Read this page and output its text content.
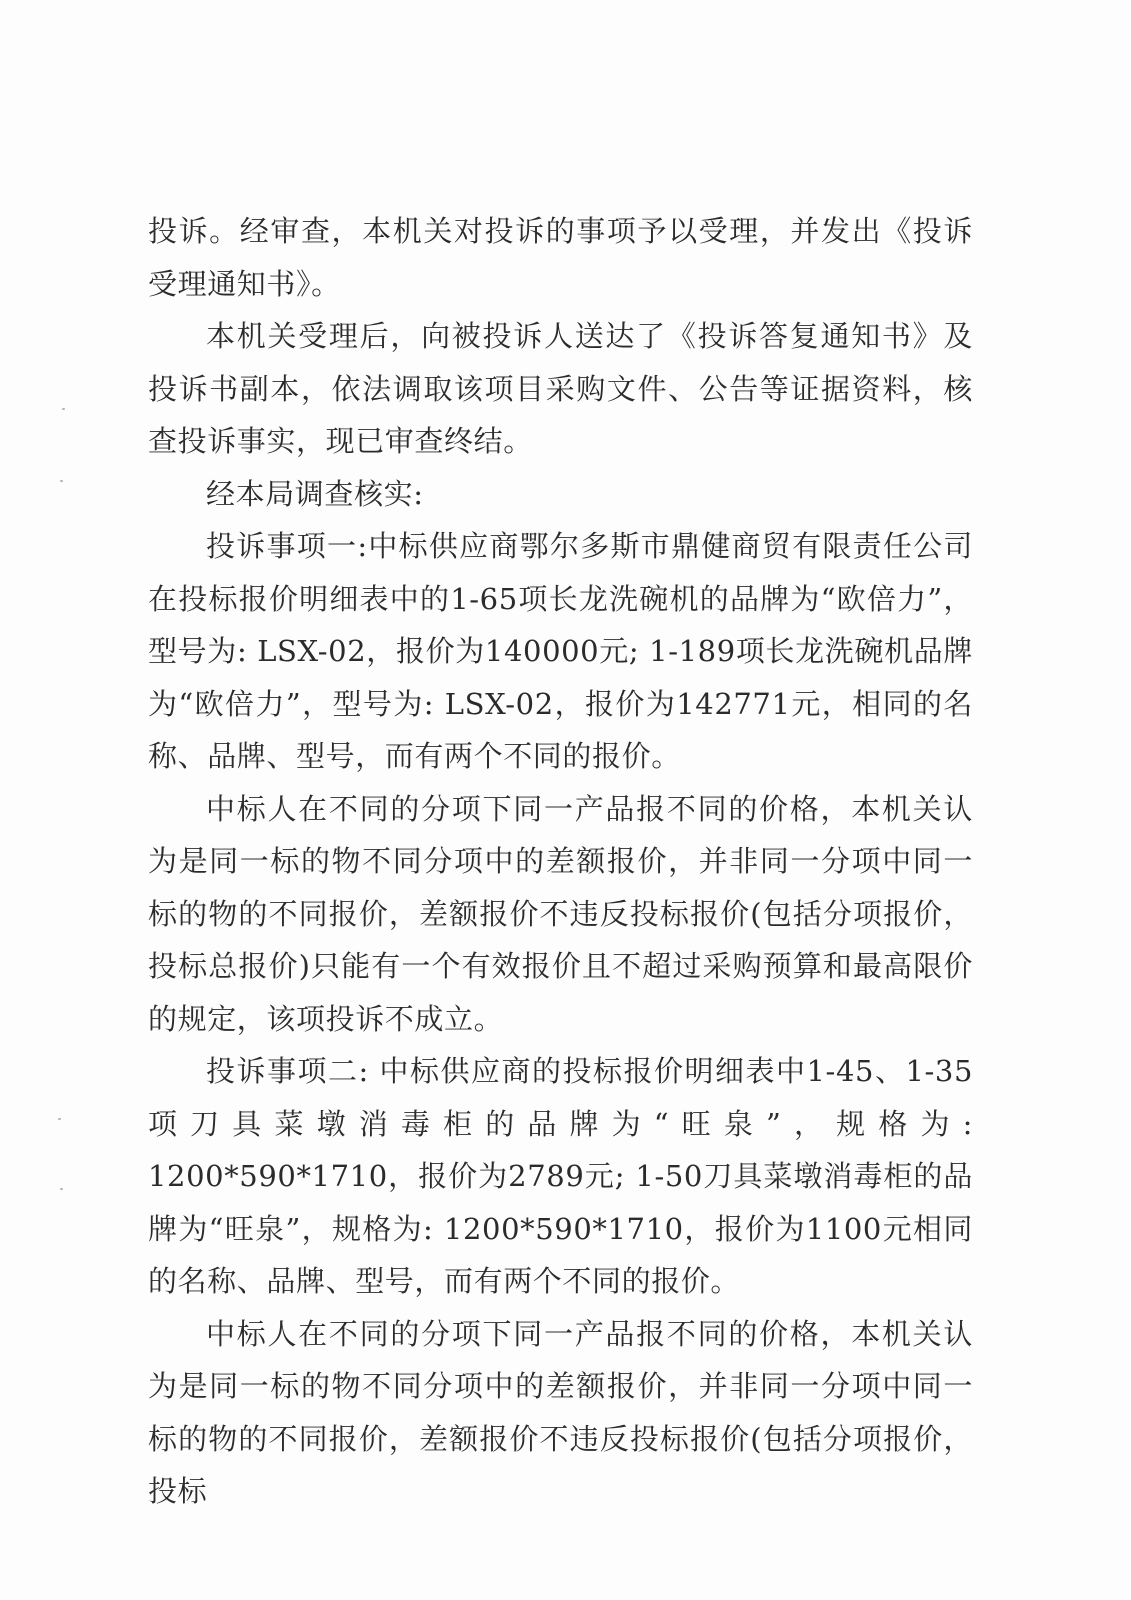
投诉。经审查，本机关对投诉的事项予以受理，并发出《投诉受理通知书》。

本机关受理后，向被投诉人送达了《投诉答复通知书》及投诉书副本，依法调取该项目采购文件、公告等证据资料，核查投诉事实，现已审查终结。

经本局调查核实:

投诉事项一:中标供应商鄂尔多斯市鼎健商贸有限责任公司在投标报价明细表中的1-65项长龙洗碗机的品牌为“欧倍力”，型号为: LSX-02，报价为140000元; 1-189项长龙洗碗机品牌为“欧倍力”，型号为: LSX-02，报价为142771元，相同的名称、品牌、型号，而有两个不同的报价。

中标人在不同的分项下同一产品报不同的价格，本机关认为是同一标的物不同分项中的差额报价，并非同一分项中同一标的物的不同报价，差额报价不违反投标报价(包括分项报价，投标总报价)只能有一个有效报价且不超过采购预算和最高限价的规定，该项投诉不成立。

投诉事项二: 中标供应商的投标报价明细表中1-45、1-35项刀具菜墩消毒柜的品牌为“旺泉”，规格为: 1200*590*1710，报价为2789元; 1-50刀具菜墩消毒柜的品牌为“旺泉”，规格为: 1200*590*1710，报价为1100元相同的名称、品牌、型号，而有两个不同的报价。

中标人在不同的分项下同一产品报不同的价格，本机关认为是同一标的物不同分项中的差额报价，并非同一分项中同一标的物的不同报价，差额报价不违反投标报价(包括分项报价，投标
